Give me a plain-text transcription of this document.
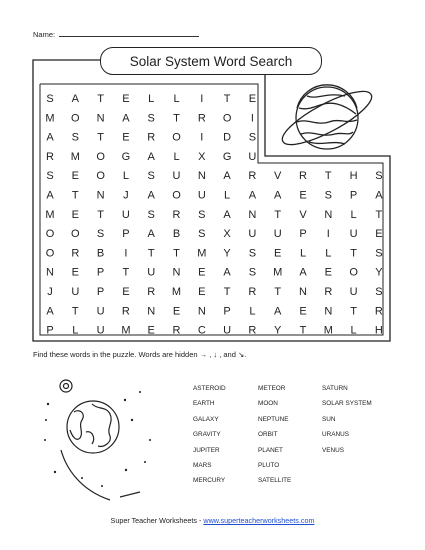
Name:
Solar System Word Search
S A T E L L I T E
M O N A S T R O I
A S T E R O I D S
R M O G A L X G U
S E O L S U N A R V R T H S
A T N J A O U L A A E S P A
M E T U S R S A N T V N L T
O O S P A B S X U U P I U E
O R B I T T M Y S E L L T S
N E P T U N E A S M A E O Y
J U P E R M E T R T N R U S
A T U R N E N P L A E N T R
P L U M E R C U R Y T M L H
Find these words in the puzzle. Words are hidden → , ↓ , and ↘.
ASTEROID
EARTH
GALAXY
GRAVITY
JUPITER
MARS
MERCURY
METEOR
MOON
NEPTUNE
ORBIT
PLANET
PLUTO
SATELLITE
SATURN
SOLAR SYSTEM
SUN
URANUS
VENUS
Super Teacher Worksheets - www.superteacherworksheets.com
